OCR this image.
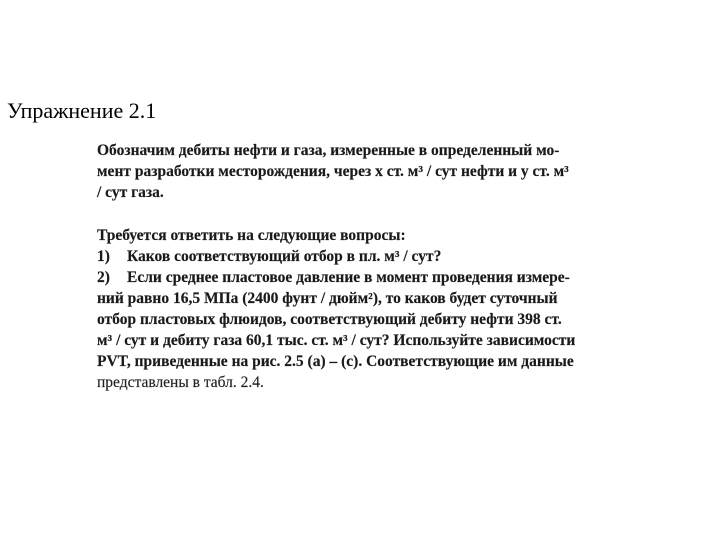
Упражнение 2.1
Обозначим дебиты нефти и газа, измеренные в определенный мо-
мент разработки месторождения, через x ст. м³ / сут нефти и y ст. м³
/ сут газа.
Требуется ответить на следующие вопросы:
1)	Каков соответствующий отбор в пл. м³ / сут?
2)	Если среднее пластовое давление в момент проведения измере-
ний равно 16,5 МПа (2400 фунт / дюйм²), то каков будет суточный
отбор пластовых флюидов, соответствующий дебиту нефти 398 ст.
м³ / сут и дебиту газа 60,1 тыс. ст. м³ / сут? Используйте зависимости
PVT, приведенные на рис. 2.5 (а) – (с). Соответствующие им данные
представлены в табл. 2.4.
